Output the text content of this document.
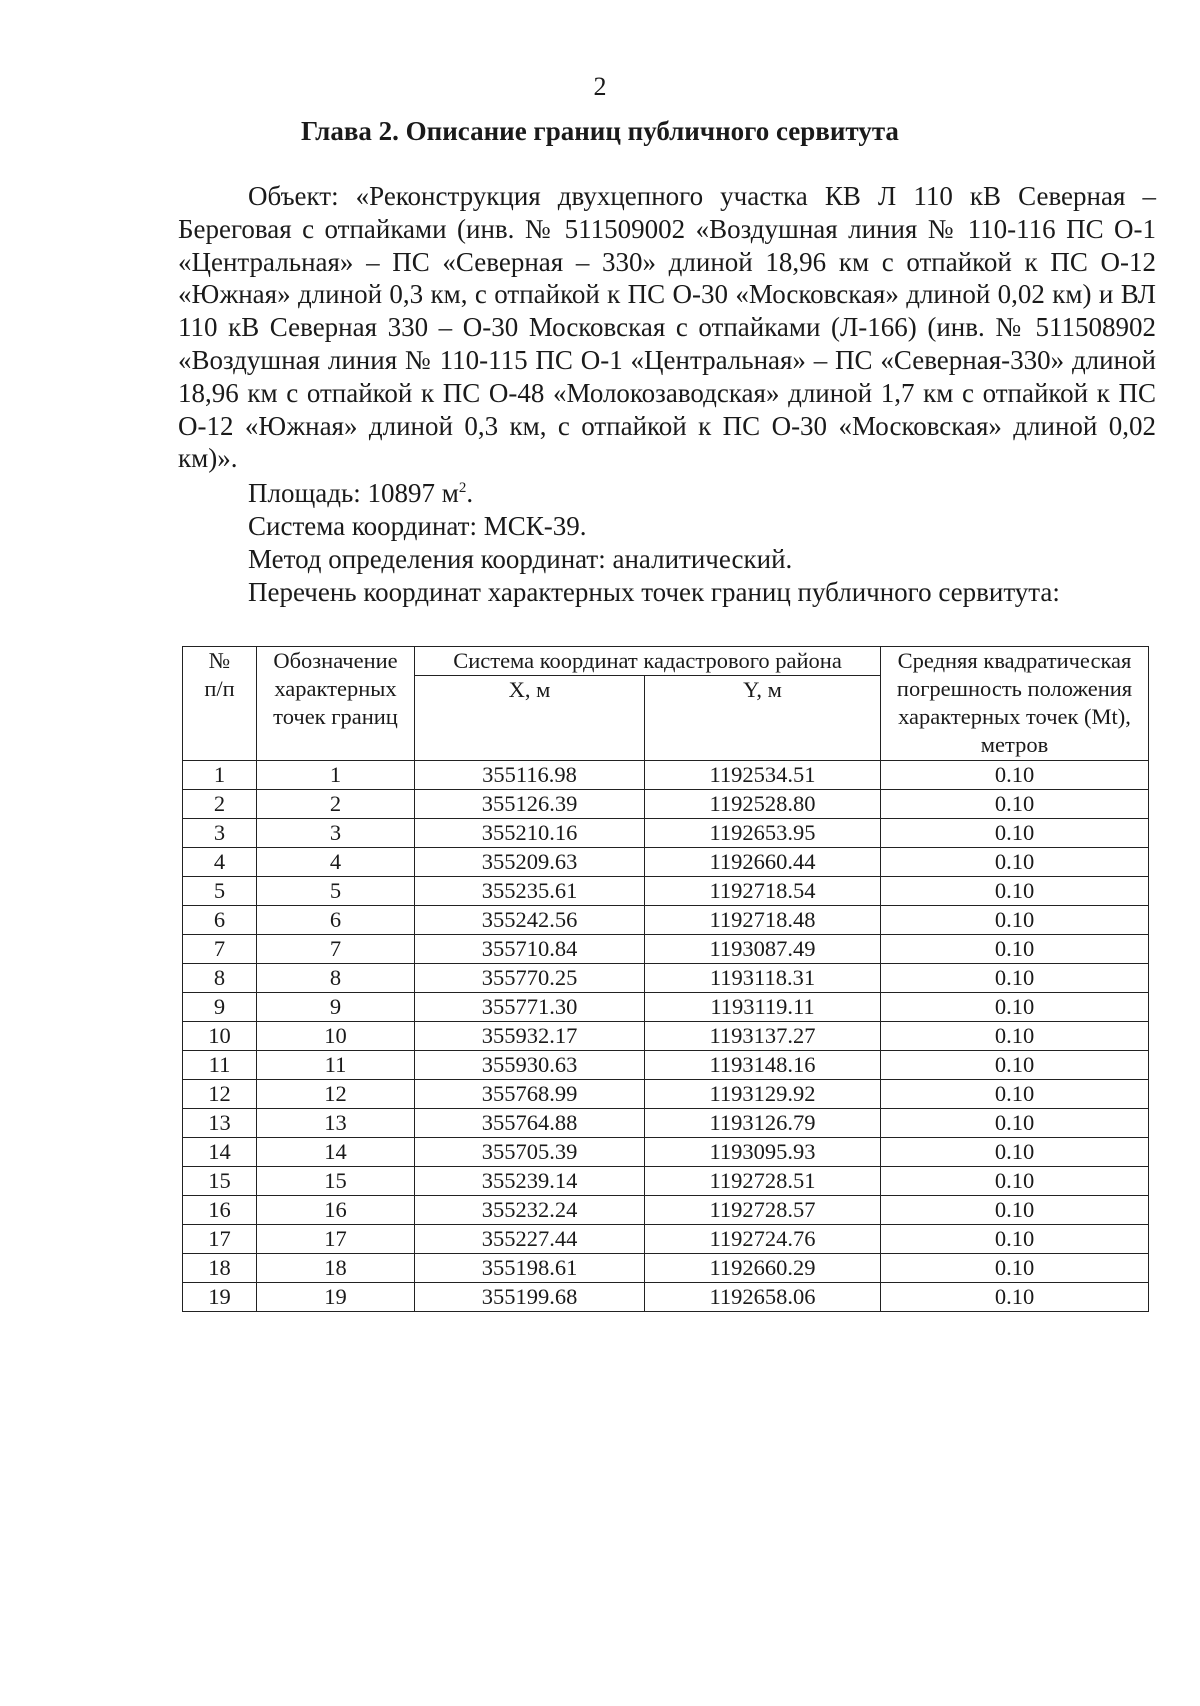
2
Глава 2. Описание границ публичного сервитута

Объект: «Реконструкция двухцепного участка КВ Л 110 кВ Северная – Береговая с отпайками (инв. № 511509002 «Воздушная линия № 110-116 ПС О-1 «Центральная» – ПС «Северная – 330» длиной 18,96 км с отпайкой к ПС О-12 «Южная» длиной 0,3 км, с отпайкой к ПС О-30 «Московская» длиной 0,02 км) и ВЛ 110 кВ Северная 330 – О-30 Московская с отпайками (Л-166) (инв. № 511508902 «Воздушная линия № 110-115 ПС О-1 «Центральная» – ПС «Северная-330» длиной 18,96 км с отпайкой к ПС О-48 «Молокозаводская» длиной 1,7 км с отпайкой к ПС О-12 «Южная» длиной 0,3 км, с отпайкой к ПС О-30 «Московская» длиной 0,02 км)».

Площадь: 10897 $м^2$.

Система координат: МСК-39.

Метод определения координат: аналитический.

Перечень координат характерных точек границ публичного сервитута:

№
п/п	Обозначение
характерных
точек границ	Система координат кадастрового района		Средняя квадратическая
погрешность положения
характерных точек (Mt),
метров

		X, м	Y, м	
1	1	355116.98	1192534.51	0.10
2	2	355126.39	1192528.80	0.10
3	3	355210.16	1192653.95	0.10
4	4	355209.63	1192660.44	0.10
5	5	355235.61	1192718.54	0.10
6	6	355242.56	1192718.48	0.10
7	7	355710.84	1193087.49	0.10
8	8	355770.25	1193118.31	0.10
9	9	355771.30	1193119.11	0.10
10	10	355932.17	1193137.27	0.10
11	11	355930.63	1193148.16	0.10
12	12	355768.99	1193129.92	0.10
13	13	355764.88	1193126.79	0.10
14	14	355705.39	1193095.93	0.10
15	15	355239.14	1192728.51	0.10
16	16	355232.24	1192728.57	0.10
17	17	355227.44	1192724.76	0.10
18	18	355198.61	1192660.29	0.10
19	19	355199.68	1192658.06	0.10
